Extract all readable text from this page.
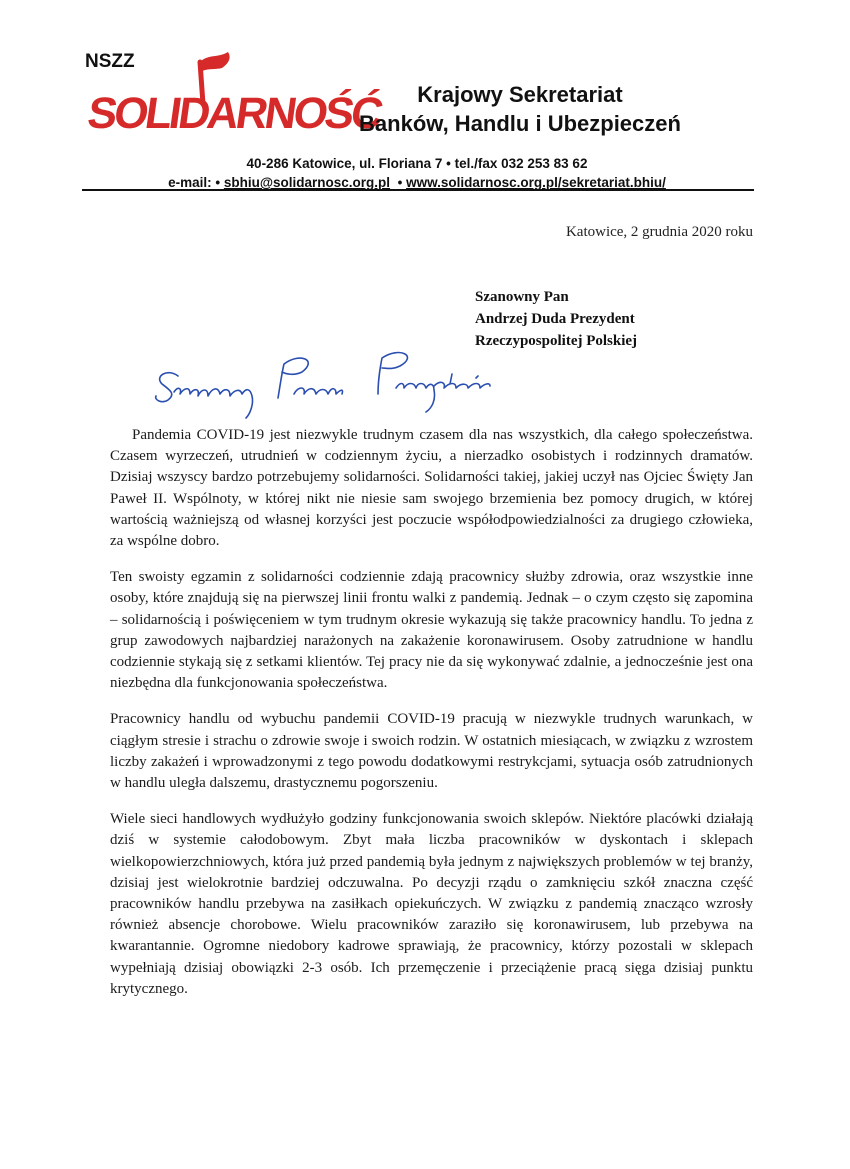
NSZZ
SOLIDARNOŚĆ	Krajowy Sekretariat
Banków, Handlu i Ubezpieczeń
40-286 Katowice, ul. Floriana 7 • tel./fax 032 253 83 62
e-mail: • sbhiu@solidarnosc.org.pl • www.solidarnosc.org.pl/sekretariat.bhiu/
Katowice, 2 grudnia 2020 roku
Szanowny Pan
Andrzej Duda Prezydent
Rzeczypospolitej Polskiej

Pandemia COVID-19 jest niezwykle trudnym czasem dla nas wszystkich, dla całego społeczeństwa. Czasem wyrzeczeń, utrudnień w codziennym życiu, a nierzadko osobistych i rodzinnych dramatów. Dzisiaj wszyscy bardzo potrzebujemy solidarności. Solidarności takiej, jakiej uczył nas Ojciec Święty Jan Paweł II. Wspólnoty, w której nikt nie niesie sam swojego brzemienia bez pomocy drugich, w której wartością ważniejszą od własnej korzyści jest poczucie współodpowiedzialności za drugiego człowieka, za wspólne dobro.

Ten swoisty egzamin z solidarności codziennie zdają pracownicy służby zdrowia, oraz wszystkie inne osoby, które znajdują się na pierwszej linii frontu walki z pandemią. Jednak – o czym często się zapomina – solidarnością i poświęceniem w tym trudnym okresie wykazują się także pracownicy handlu. To jedna z grup zawodowych najbardziej narażonych na zakażenie koronawirusem. Osoby zatrudnione w handlu codziennie stykają się z setkami klientów. Tej pracy nie da się wykonywać zdalnie, a jednocześnie jest ona niezbędna dla funkcjonowania społeczeństwa.

Pracownicy handlu od wybuchu pandemii COVID-19 pracują w niezwykle trudnych warunkach, w ciągłym stresie i strachu o zdrowie swoje i swoich rodzin. W ostatnich miesiącach, w związku z wzrostem liczby zakażeń i wprowadzonymi z tego powodu dodatkowymi restrykcjami, sytuacja osób zatrudnionych w handlu uległa dalszemu, drastycznemu pogorszeniu.

Wiele sieci handlowych wydłużyło godziny funkcjonowania swoich sklepów. Niektóre placówki działają dziś w systemie całodobowym. Zbyt mała liczba pracowników w dyskontach i sklepach wielkopowierzchniowych, która już przed pandemią była jednym z największych problemów w tej branży, dzisiaj jest wielokrotnie bardziej odczuwalna. Po decyzji rządu o zamknięciu szkół znaczna część pracowników handlu przebywa na zasiłkach opiekuńczych. W związku z pandemią znacząco wzrosły również absencje chorobowe. Wielu pracowników zaraziło się koronawirusem, lub przebywa na kwarantannie. Ogromne niedobory kadrowe sprawiają, że pracownicy, którzy pozostali w sklepach wypełniają dzisiaj obowiązki 2-3 osób. Ich przemęczenie i przeciążenie pracą sięga dzisiaj punktu krytycznego.
